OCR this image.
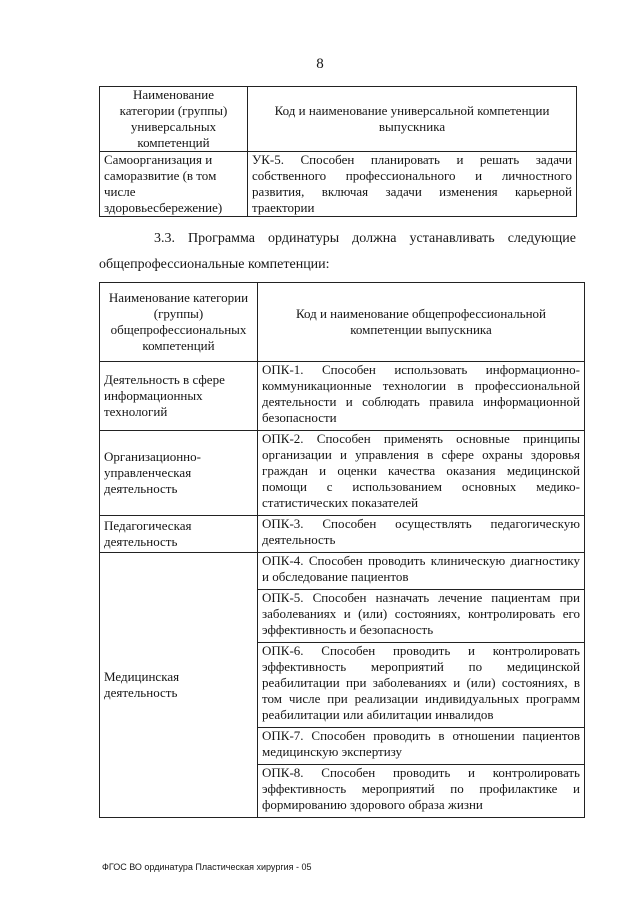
8
Наименование категории (группы) универсальных компетенций	Код и наименование универсальной компетенции выпускника
Самоорганизация и саморазвитие (в том числе здоровьесбережение)	УК-5. Способен планировать и решать задачи собственного профессионального и личностного развития, включая задачи изменения карьерной траектории
3.3. Программа ординатуры должна устанавливать следующие
общепрофессиональные компетенции:
Наименование категории (группы) общепрофессиональных компетенций	Код и наименование общепрофессиональной компетенции выпускника
Деятельность в сфере информационных технологий	ОПК-1. Способен использовать информационно-коммуникационные технологии в профессиональной деятельности и соблюдать правила информационной безопасности
Организационно-управленческая деятельность	ОПК-2. Способен применять основные принципы организации и управления в сфере охраны здоровья граждан и оценки качества оказания медицинской помощи с использованием основных медико-статистических показателей
Педагогическая деятельность	ОПК-3. Способен осуществлять педагогическую деятельность
Медицинская деятельность	ОПК-4. Способен проводить клиническую диагностику и обследование пациентов
	ОПК-5. Способен назначать лечение пациентам при заболеваниях и (или) состояниях, контролировать его эффективность и безопасность
	ОПК-6. Способен проводить и контролировать эффективность мероприятий по медицинской реабилитации при заболеваниях и (или) состояниях, в том числе при реализации индивидуальных программ реабилитации или абилитации инвалидов
	ОПК-7. Способен проводить в отношении пациентов медицинскую экспертизу
	ОПК-8. Способен проводить и контролировать эффективность мероприятий по профилактике и формированию здорового образа жизни
ФГОС ВО ординатура Пластическая хирургия - 05
